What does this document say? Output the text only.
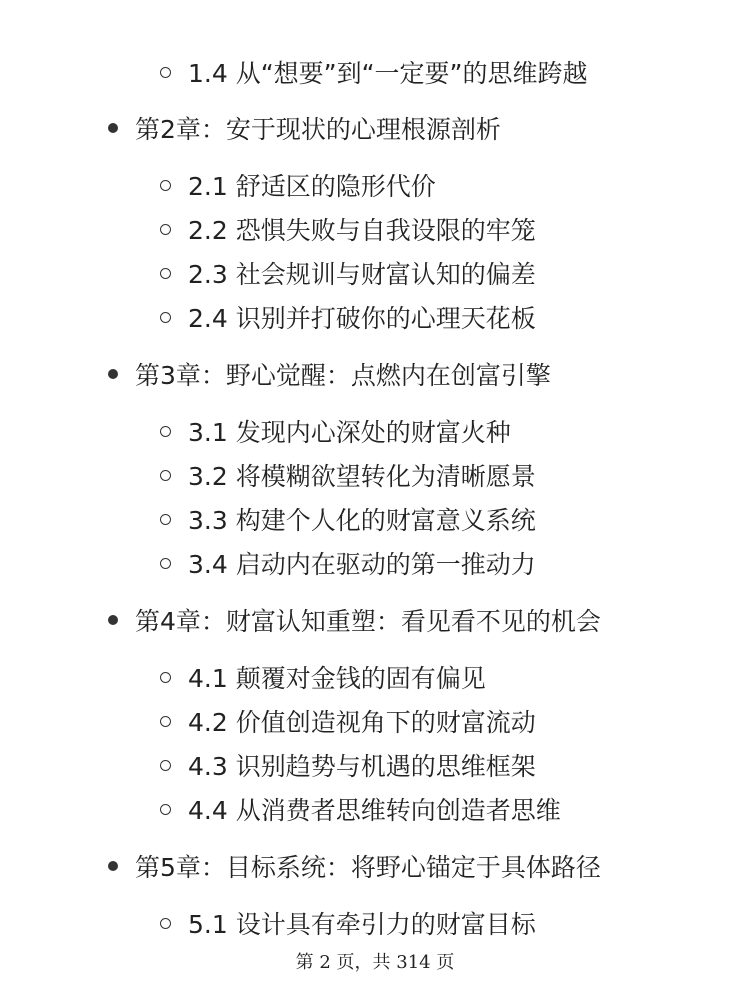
1.4 从“想要”到“一定要”的思维跨越
第2章：安于现状的心理根源剖析
2.1 舒适区的隐形代价
2.2 恐惧失败与自我设限的牢笼
2.3 社会规训与财富认知的偏差
2.4 识别并打破你的心理天花板
第3章：野心觉醒：点燃内在创富引擎
3.1 发现内心深处的财富火种
3.2 将模糊欲望转化为清晰愿景
3.3 构建个人化的财富意义系统
3.4 启动内在驱动的第一推动力
第4章：财富认知重塑：看见看不见的机会
4.1 颠覆对金钱的固有偏见
4.2 价值创造视角下的财富流动
4.3 识别趋势与机遇的思维框架
4.4 从消费者思维转向创造者思维
第5章：目标系统：将野心锚定于具体路径
5.1 设计具有牵引力的财富目标
第 2 页，共 314 页
